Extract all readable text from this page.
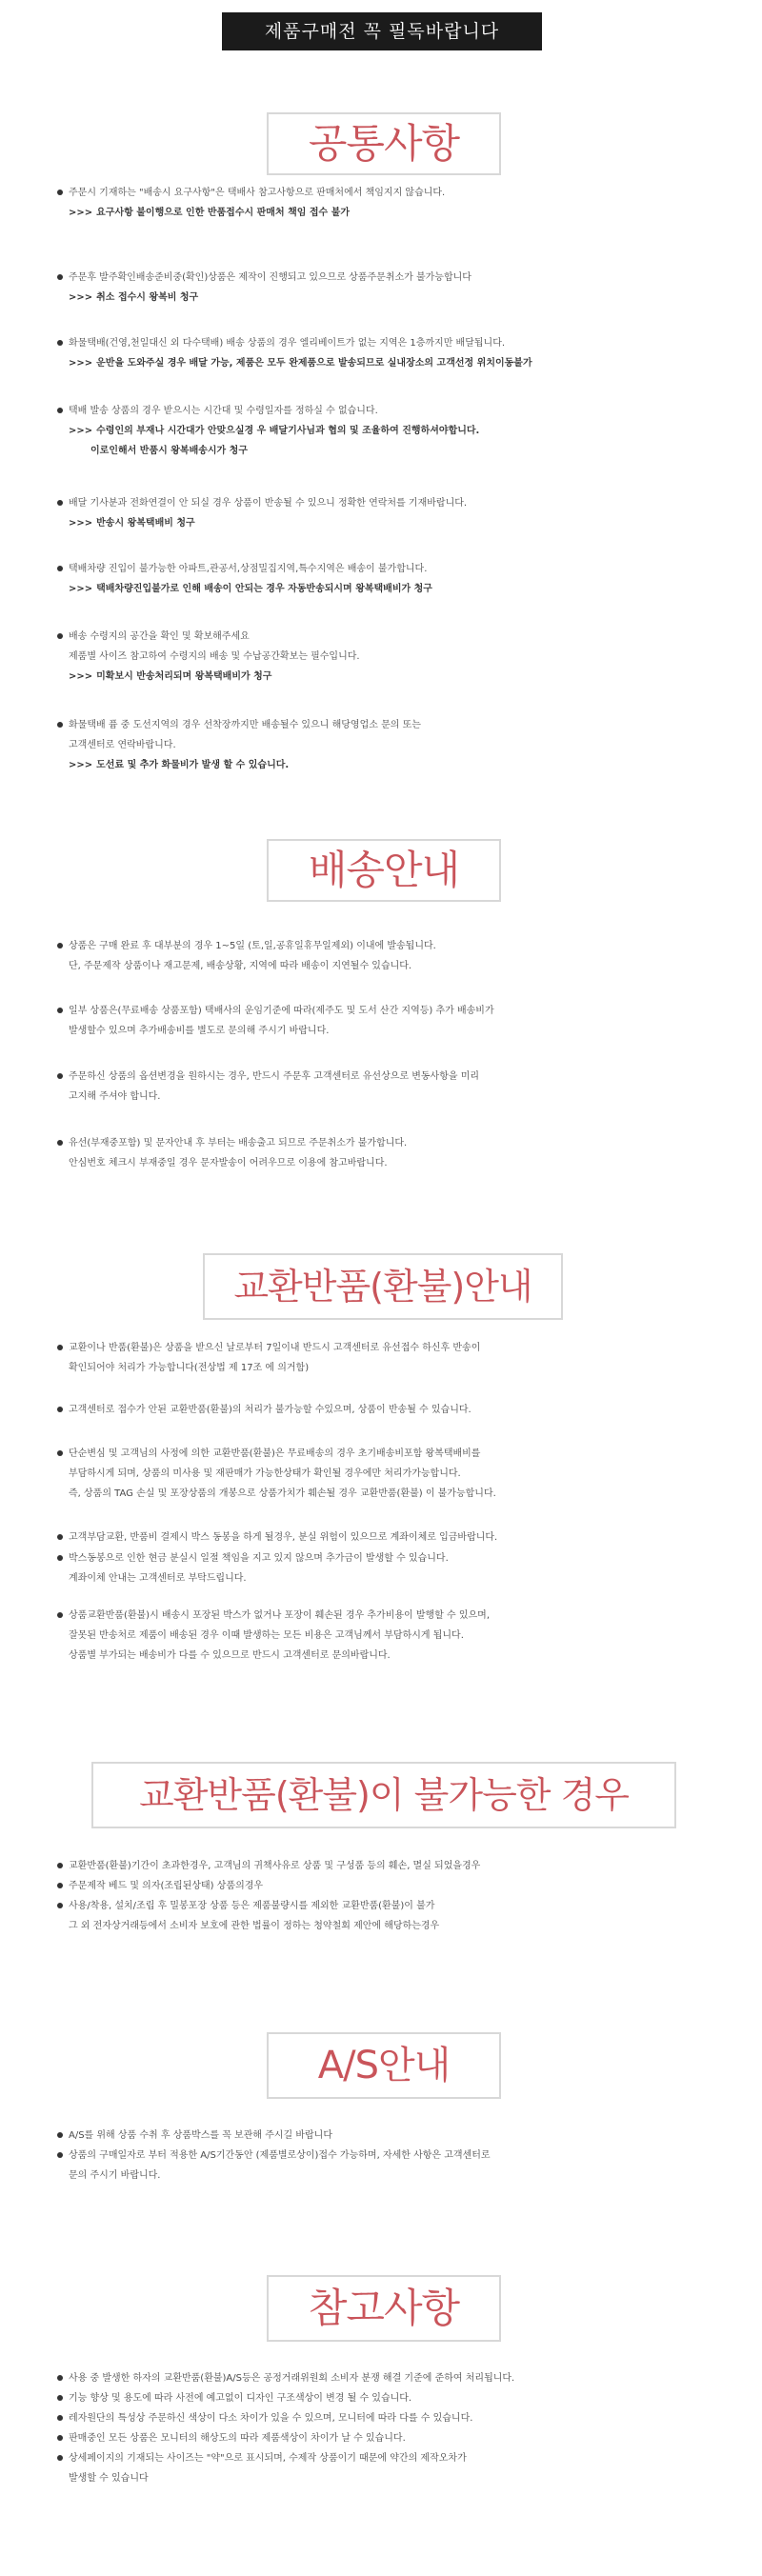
제품구매전 꼭 필독바랍니다
공통사항
주문시 기재하는 "배송시 요구사항"은 택배사 참고사항으로 판매처에서 책임지지 않습니다.
>>> 요구사항 불이행으로 인한 반품접수시 판매처 책임 접수 불가
주문후 발주확인배송준비중(확인)상품은 제작이 진행되고 있으므로 상품주문취소가 불가능합니다
>>> 취소 접수시 왕복비 청구
화물택배(건영,천일대신 외 다수택배) 배송 상품의 경우 엘리베이트가 없는 지역은 1층까지만 배달됩니다.
>>> 운반을 도와주실 경우 배달 가능, 제품은 모두 완제품으로 발송되므로 실내장소의 고객선정 위치이동불가
택배 발송 상품의 경우 받으시는 시간대 및 수령일자를 정하실 수 없습니다.
>>> 수령인의 부재나 시간대가 안맞으실경 우 배달기사님과 협의 및 조율하여 진행하셔야합니다.
이로인해서 반품시 왕복배송시가 청구
배달 기사분과 전화연결이 안 되실 경우 상품이 반송될 수 있으니 정확한 연락처를 기재바랍니다.
>>> 반송시 왕복택배비 청구
택배차량 진입이 불가능한 아파트,관공서,상점밀집지역,특수지역은 배송이 불가합니다.
>>> 택배차량진입불가로 인해 배송이 안되는 경우 자동반송되시며 왕복택배비가 청구
배송 수령지의 공간을 확인 및 확보해주세요
제품별 사이즈 참고하여 수령지의 배송 및 수납공간확보는 필수입니다.
>>> 미확보시 반송처리되며 왕복택배비가 청구
화물택배 퓸 중 도선지역의 경우 선착장까지만 배송될수 있으니 해당영업소 문의 또는
고객센터로 연락바랍니다.
>>> 도선료 및 추가 화물비가 발생 할 수 있습니다.
배송안내
상품은 구매 완료 후 대부분의 경우 1~5일 (토,일,공휴일휴무일제외) 이내에 발송됩니다.
단, 주문제작 상품이나 재고문제, 배송상황, 지역에 따라 배송이 지연될수 있습니다.
일부 상품은(무료배송 상품포함) 택배사의 운임기준에 따라(제주도 및 도서 산간 지역등) 추가 배송비가
발생할수 있으며 추가배송비를 별도로 문의해 주시기 바랍니다.
주문하신 상품의 옵션변경을 원하시는 경우, 반드시 주문후 고객센터로 유선상으로 변동사항을 미리
고지해 주셔야 합니다.
유선(부재중포함) 및 문자안내 후 부터는 배송출고 되므로 주문취소가 불가합니다.
안심번호 체크시 부재중일 경우 문자발송이 어려우므로 이용에 참고바랍니다.
교환반품(환불)안내
교환이나 반품(환불)은 상품을 받으신 날로부터 7일이내 반드시 고객센터로 유선접수 하신후 반송이
확인되어야 처리가 가능합니다(전상법 제 17조 에 의거함)
고객센터로 접수가 안된 교환반품(환불)의 처리가 불가능할 수있으며, 상품이 반송될 수 있습니다.
단순변심 및 고객님의 사정에 의한 교환반품(환불)은 무료배송의 경우 초기배송비포함 왕복택배비를
부담하시게 되며, 상품의 미사용 및 재판매가 가능한상태가 확인될 경우에만 처리가가능합니다.
즉, 상품의 TAG 손실 및 포장상품의 개봉으로 상품가치가 훼손될 경우 교환반품(환불) 이 불가능합니다.
고객부담교환, 반품비 결제시 박스 동봉을 하게 될경우, 분실 위험이 있으므로 계좌이체로 입금바랍니다.
박스동봉으로 인한 현금 분실시 일절 책임을 지고 있지 않으며 추가금이 발생할 수 있습니다.
계좌이체 안내는 고객센터로 부탁드립니다.
상품교환반품(환불)시 배송시 포장된 박스가 없거나 포장이 훼손된 경우 추가비용이 발행할 수 있으며,
잘못된 반송처로 제품이 배송된 경우 이때 발생하는 모든 비용은 고객님께서 부담하시게 됩니다.
상품별 부가되는 배송비가 다를 수 있으므로 반드시 고객센터로 문의바랍니다.
교환반품(환불)이 불가능한 경우
교환반품(환불)기간이 초과한경우, 고객님의 귀책사유로 상품 및 구성품 등의 훼손, 멸실 되었을경우
주문제작 베드 및 의자(조립된상태) 상품의경우
사용/착용, 설치/조립 후 밀봉포장 상품 등은 제품불량시를 제외한 교환반품(환불)이 불가
그 외 전자상거래등에서 소비자 보호에 관한 법률이 정하는 청약철회 제안에 해당하는경우
A/S안내
A/S를 위해 상품 수취 후 상품박스를 꼭 보관해 주시길 바랍니다
상품의 구매일자로 부터 적용한 A/S기간동안 (제품별로상이)접수 가능하며, 자세한 사항은 고객센터로
문의 주시기 바랍니다.
참고사항
사용 중 발생한 하자의 교환반품(환불)A/S등은 공정거래위원회 소비자 분쟁 해결 기준에 준하여 처리됩니다.
기능 향상 및 용도에 따라 사전에 예고없이 디자인 구조색상이 변경 될 수 있습니다.
레자원단의 특성상 주문하신 색상이 다소 차이가 있을 수 있으며, 모니터에 따라 다를 수 있습니다.
판매중인 모든 상품은 모니터의 해상도의 따라 제품색상이 차이가 날 수 있습니다.
상세페이지의 기재되는 사이즈는 "약"으로 표시되며, 수제작 상품이기 때문에 약간의 제작오차가
발생할 수 있습니다
